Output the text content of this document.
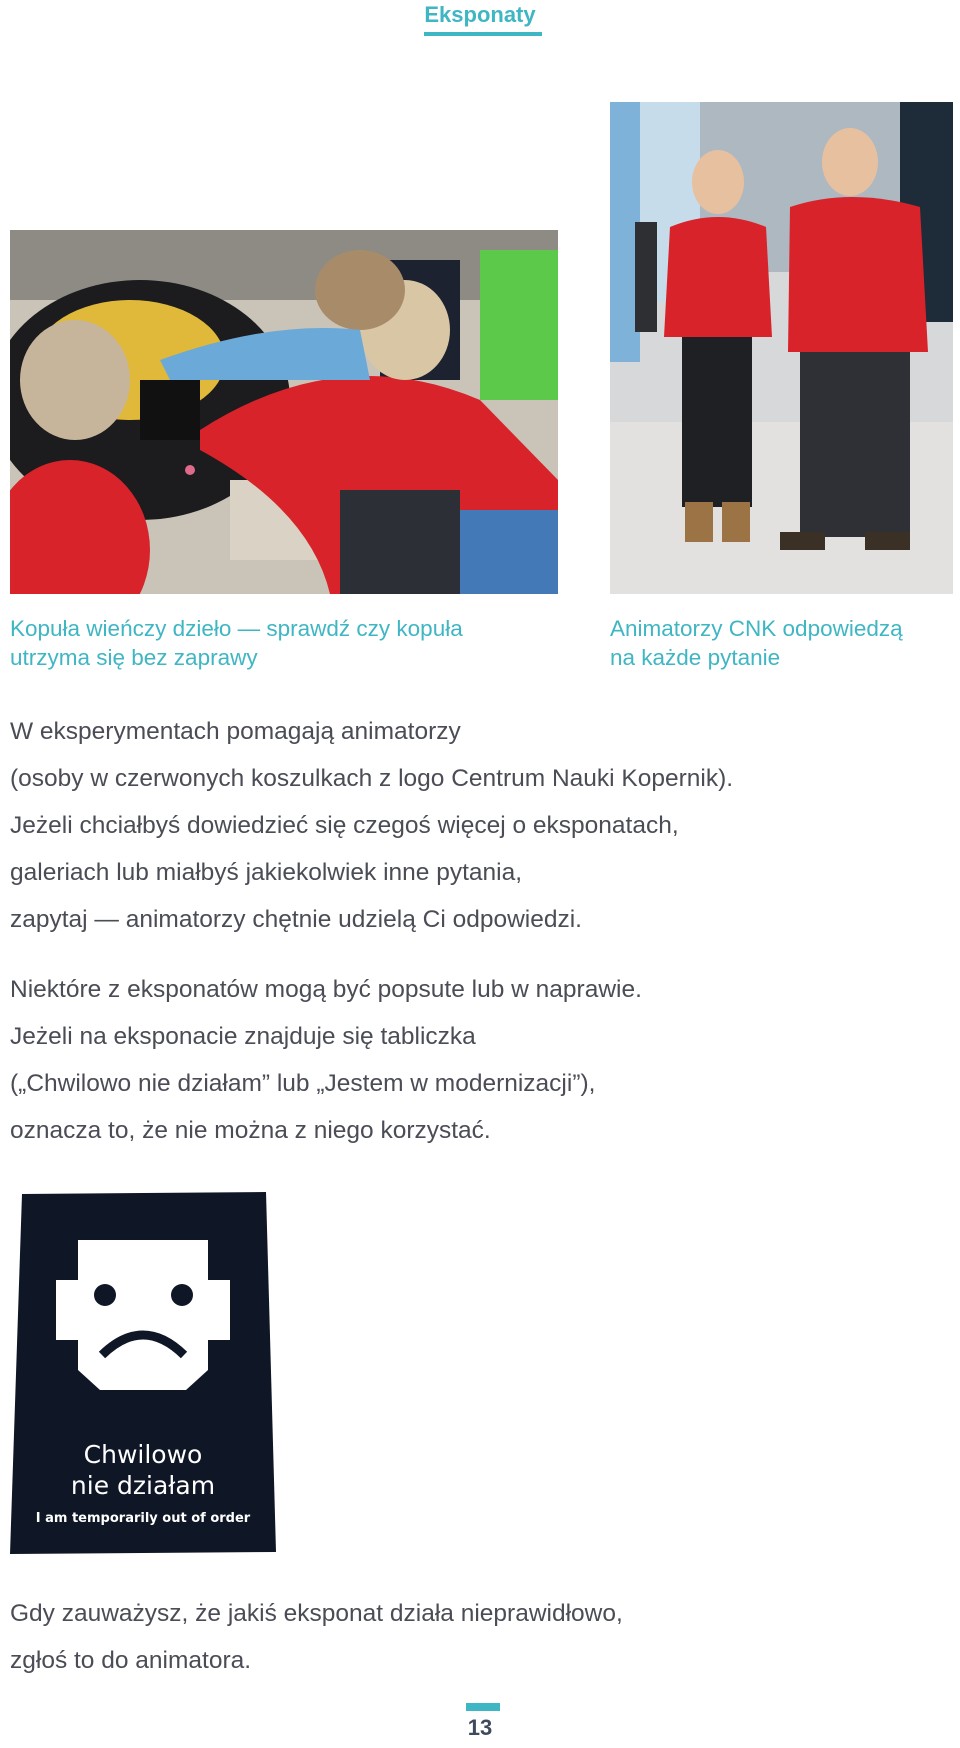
Eksponaty
Kopuła wieńczy dzieło — sprawdź czy kopuła
utrzyma się bez zaprawy
Animatorzy CNK odpowiedzą
na każde pytanie
W eksperymentach pomagają animatorzy
(osoby w czerwonych koszulkach z logo Centrum Nauki Kopernik).
Jeżeli chciałbyś dowiedzieć się czegoś więcej o eksponatach,
galeriach lub miałbyś jakiekolwiek inne pytania,
zapytaj — animatorzy chętnie udzielą Ci odpowiedzi.
Niektóre z eksponatów mogą być popsute lub w naprawie.
Jeżeli na eksponacie znajduje się tabliczka
(„Chwilowo nie działam” lub „Jestem w modernizacji”),
oznacza to, że nie można z niego korzystać.
Chwilowo
nie działam
I am temporarily out of order
Gdy zauważysz, że jakiś eksponat działa nieprawidłowo,
zgłoś to do animatora.
13
